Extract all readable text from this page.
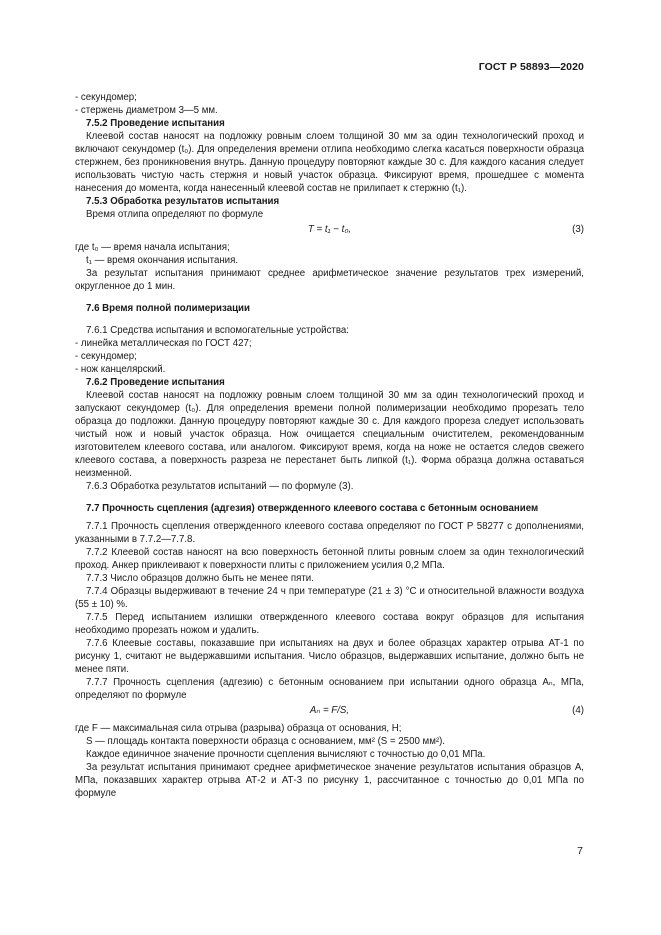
ГОСТ Р 58893—2020

- секундомер;

- стержень диаметром 3—5 мм.

7.5.2 Проведение испытания

Клеевой состав наносят на подложку ровным слоем толщиной 30 мм за один технологический проход и включают секундомер (t₀). Для определения времени отлипа необходимо слегка касаться поверхности образца стержнем, без проникновения внутрь. Данную процедуру повторяют каждые 30 с. Для каждого касания следует использовать чистую часть стержня и новый участок образца. Фиксируют время, прошедшее с момента нанесения до момента, когда нанесенный клеевой состав не прилипает к стержню (t₁).

7.5.3 Обработка результатов испытания

Время отлипа определяют по формуле

T = t₁ − t₀,	(3)

где t₀ — время начала испытания;

t₁ — время окончания испытания.

За результат испытания принимают среднее арифметическое значение результатов трех измерений, округленное до 1 мин.

7.6 Время полной полимеризации

7.6.1 Средства испытания и вспомогательные устройства:

- линейка металлическая по ГОСТ 427;

- секундомер;

- нож канцелярский.

7.6.2 Проведение испытания

Клеевой состав наносят на подложку ровным слоем толщиной 30 мм за один технологический проход и запускают секундомер (t₀). Для определения времени полной полимеризации необходимо прорезать тело образца до подложки. Данную процедуру повторяют каждые 30 с. Для каждого прореза следует использовать чистый нож и новый участок образца. Нож очищается специальным очистителем, рекомендованным изготовителем клеевого состава, или аналогом. Фиксируют время, когда на ноже не остается следов свежего клеевого состава, а поверхность разреза не перестанет быть липкой (t₁). Форма образца должна оставаться неизменной.

7.6.3 Обработка результатов испытаний — по формуле (3).

7.7 Прочность сцепления (адгезия) отвержденного клеевого состава с бетонным основанием

7.7.1 Прочность сцепления отвержденного клеевого состава определяют по ГОСТ Р 58277 с дополнениями, указанными в 7.7.2—7.7.8.

7.7.2 Клеевой состав наносят на всю поверхность бетонной плиты ровным слоем за один технологический проход. Анкер приклеивают к поверхности плиты с приложением усилия 0,2 МПа.

7.7.3 Число образцов должно быть не менее пяти.

7.7.4 Образцы выдерживают в течение 24 ч при температуре (21 ± 3) °C и относительной влажности воздуха (55 ± 10) %.

7.7.5 Перед испытанием излишки отвержденного клеевого состава вокруг образцов для испытания необходимо прорезать ножом и удалить.

7.7.6 Клеевые составы, показавшие при испытаниях на двух и более образцах характер отрыва АТ-1 по рисунку 1, считают не выдержавшими испытания. Число образцов, выдержавших испытание, должно быть не менее пяти.

7.7.7 Прочность сцепления (адгезию) с бетонным основанием при испытании одного образца Aₙ, МПа, определяют по формуле

Aₙ = F/S,	(4)

где F — максимальная сила отрыва (разрыва) образца от основания, Н;

S — площадь контакта поверхности образца с основанием, мм² (S = 2500 мм²).

Каждое единичное значение прочности сцепления вычисляют с точностью до 0,01 МПа.

За результат испытания принимают среднее арифметическое значение результатов испытания образцов A, МПа, показавших характер отрыва АТ-2 и АТ-3 по рисунку 1, рассчитанное с точностью до 0,01 МПа по формуле

7
